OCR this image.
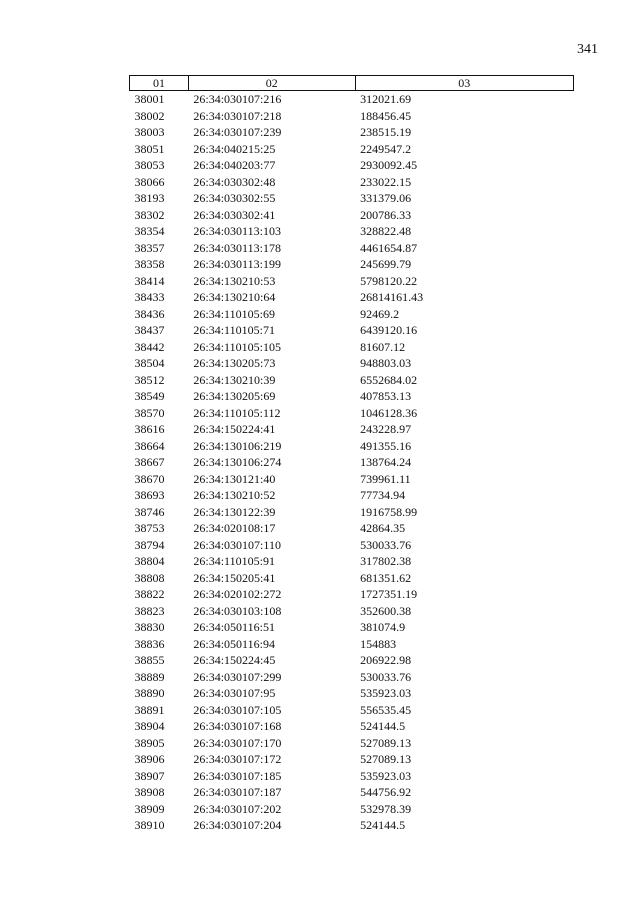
341
01	02	03
38001	26:34:030107:216	312021.69
38002	26:34:030107:218	188456.45
38003	26:34:030107:239	238515.19
38051	26:34:040215:25	2249547.2
38053	26:34:040203:77	2930092.45
38066	26:34:030302:48	233022.15
38193	26:34:030302:55	331379.06
38302	26:34:030302:41	200786.33
38354	26:34:030113:103	328822.48
38357	26:34:030113:178	4461654.87
38358	26:34:030113:199	245699.79
38414	26:34:130210:53	5798120.22
38433	26:34:130210:64	26814161.43
38436	26:34:110105:69	92469.2
38437	26:34:110105:71	6439120.16
38442	26:34:110105:105	81607.12
38504	26:34:130205:73	948803.03
38512	26:34:130210:39	6552684.02
38549	26:34:130205:69	407853.13
38570	26:34:110105:112	1046128.36
38616	26:34:150224:41	243228.97
38664	26:34:130106:219	491355.16
38667	26:34:130106:274	138764.24
38670	26:34:130121:40	739961.11
38693	26:34:130210:52	77734.94
38746	26:34:130122:39	1916758.99
38753	26:34:020108:17	42864.35
38794	26:34:030107:110	530033.76
38804	26:34:110105:91	317802.38
38808	26:34:150205:41	681351.62
38822	26:34:020102:272	1727351.19
38823	26:34:030103:108	352600.38
38830	26:34:050116:51	381074.9
38836	26:34:050116:94	154883
38855	26:34:150224:45	206922.98
38889	26:34:030107:299	530033.76
38890	26:34:030107:95	535923.03
38891	26:34:030107:105	556535.45
38904	26:34:030107:168	524144.5
38905	26:34:030107:170	527089.13
38906	26:34:030107:172	527089.13
38907	26:34:030107:185	535923.03
38908	26:34:030107:187	544756.92
38909	26:34:030107:202	532978.39
38910	26:34:030107:204	524144.5
